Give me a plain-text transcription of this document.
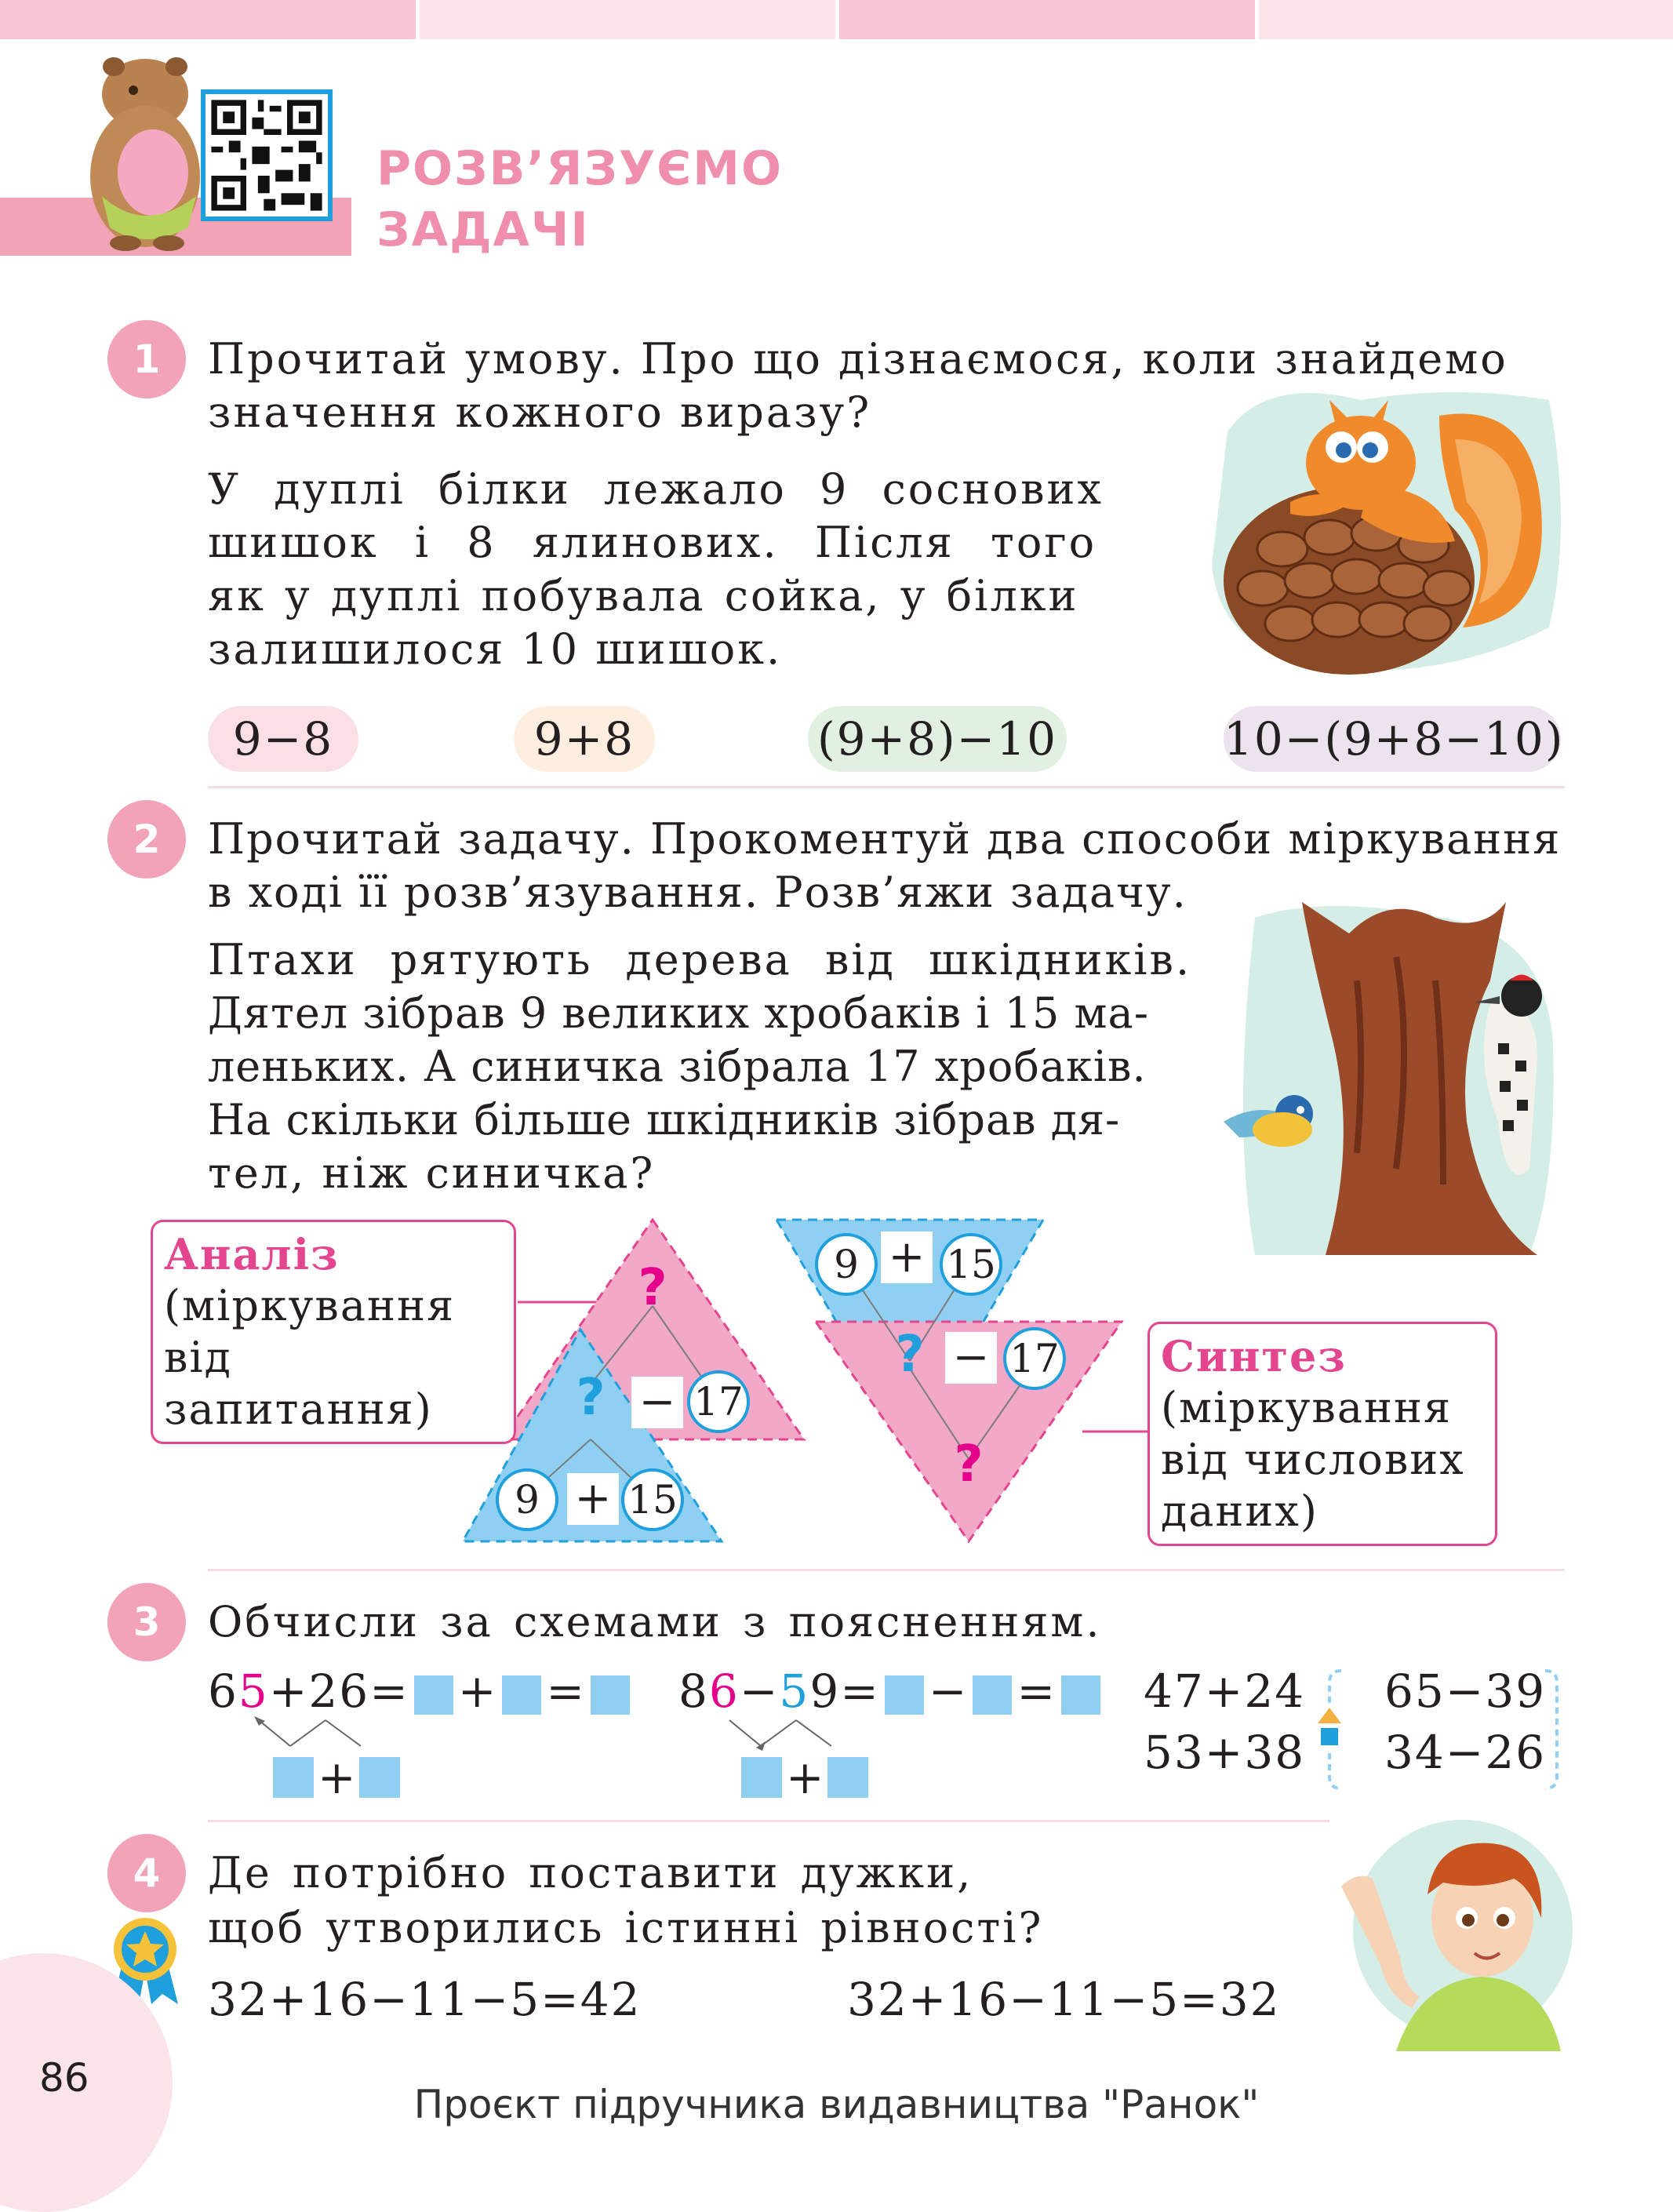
РОЗВ’ЯЗУЄМО
ЗАДАЧІ
1	Прочитай умову. Про що дізнаємося, коли знайдемо
значення кожного виразу?
У дуплі білки лежало 9 соснових
шишок і 8 ялинових. Після того
як у дуплі побувала сойка, у білки
залишилося 10 шишок.
9−8	9+8	(9+8)−10	10−(9+8−10)
2	Прочитай задачу. Прокоментуй два способи міркування
в ході її розв’язування. Розв’яжи задачу.
Птахи рятують дерева від шкідників.
Дятел зібрав 9 великих хробаків і 15 ма-
леньких. А синичка зібрала 17 хробаків.
На скільки більше шкідників зібрав дя-
тел, ніж синичка?
?
? − 17
9 + 15
9 + 15
? − 17
?
Аналіз
(міркування
від запитання)
Синтез
(міркування
від числових
даних)
3	Обчисли за схемами з поясненням.
65+26= + =
+
86−59= − =
+
47+24
53+38
65−39
34−26
4	Де потрібно поставити дужки,
щоб утворились істинні рівності?
32+16−11−5=42	32+16−11−5=32
86
Проєкт підручника видавництва "Ранок"
